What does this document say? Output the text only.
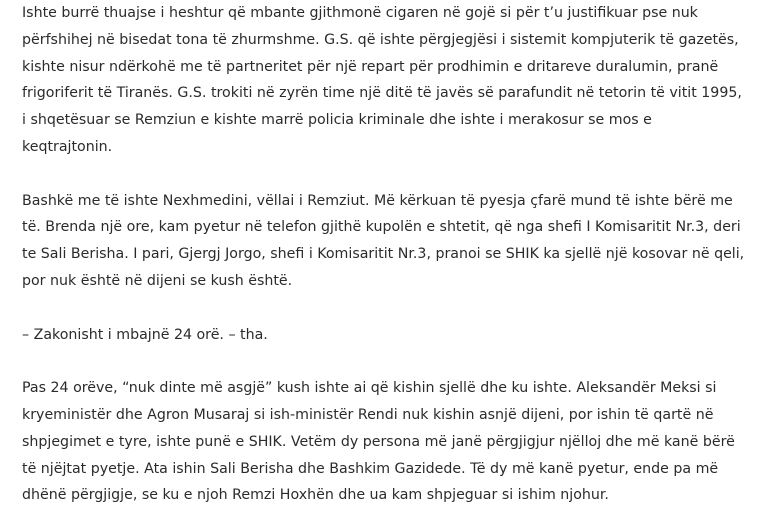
Ishte burrë thuajse i heshtur që mbante gjithmonë cigaren në gojë si për t’u justifikuar pse nuk
përfshihej në bisedat tona të zhurmshme. G.S. që ishte përgjegjësi i sistemit kompjuterik të gazetës,
kishte nisur ndërkohë me të partneritet për një repart për prodhimin e dritareve duralumin, pranë
frigoriferit të Tiranës. G.S. trokiti në zyrën time një ditë të javës së parafundit në tetorin të vitit 1995,
i shqetësuar se Remziun e kishte marrë policia kriminale dhe ishte i merakosur se mos e
keqtrajtonin.

Bashkë me të ishte Nexhmedini, vëllai i Remziut. Më kërkuan të pyesja çfarë mund të ishte bërë me
të. Brenda një ore, kam pyetur në telefon gjithë kupolën e shtetit, që nga shefi I Komisaritit Nr.3, deri
te Sali Berisha. I pari, Gjergj Jorgo, shefi i Komisaritit Nr.3, pranoi se SHIK ka sjellë një kosovar në qeli,
por nuk është në dijeni se kush është.

– Zakonisht i mbajnë 24 orë. – tha.

Pas 24 orëve, “nuk dinte më asgjë” kush ishte ai që kishin sjellë dhe ku ishte. Aleksandër Meksi si
kryeministër dhe Agron Musaraj si ish-ministër Rendi nuk kishin asnjë dijeni, por ishin të qartë në
shpjegimet e tyre, ishte punë e SHIK. Vetëm dy persona më janë përgjigjur njëlloj dhe më kanë bërë
të njëjtat pyetje. Ata ishin Sali Berisha dhe Bashkim Gazidede. Të dy më kanë pyetur, ende pa më
dhënë përgjigje, se ku e njoh Remzi Hoxhën dhe ua kam shpjeguar si ishim njohur.
